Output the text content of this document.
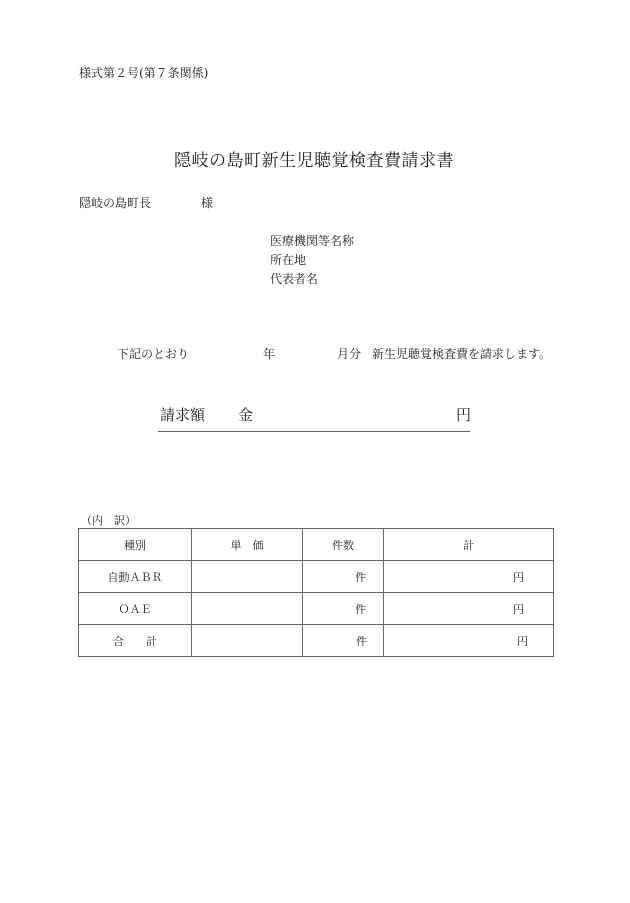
様式第２号(第７条関係)
隠岐の島町新生児聴覚検査費請求書
隠岐の島町長	様
医療機関等名称
所在地
代表者名
下記のとおり	年	月分 新生児聴覚検査費を請求します。
請求額 金	円
（内　訳）
種別	単　価	件数	計
自動ＡＢＲ		件	円
ＯＡＥ		件	円
合　　計		件	円
